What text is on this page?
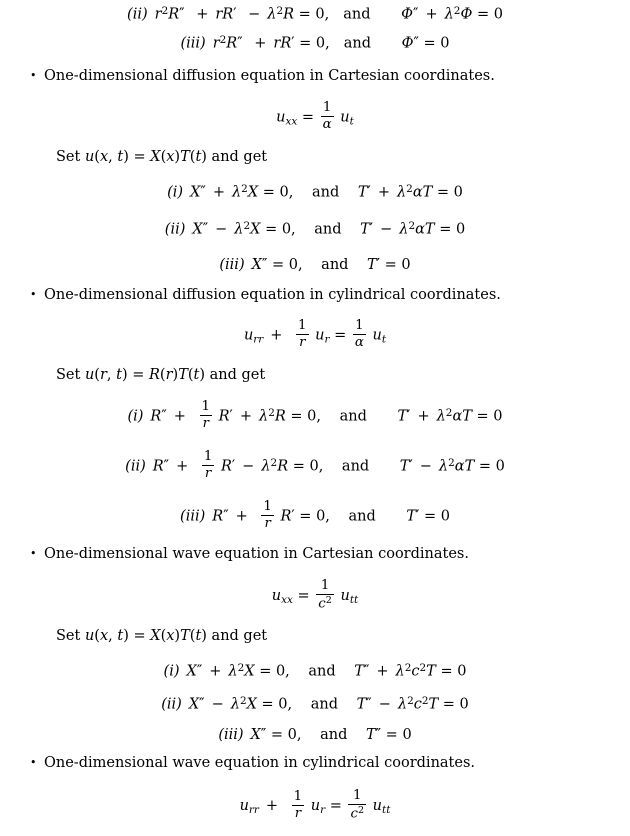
(ii) $r^2R'' + rR' - \lambda^2R = 0$, and $\Phi'' + \lambda^2\Phi = 0$
(iii) $r^2R'' + rR' = 0$, and Φ″ = 0
• One-dimensional diffusion equation in Cartesian coordinates.
$u_{xx} = \frac{1}{\alpha} u_t$
Set u(x, t) = X(x)T(t) and get
(i) $X'' + \lambda^2X = 0$, and $T' + \lambda^2\alpha T = 0$
(ii) $X'' - \lambda^2X = 0$, and $T' - \lambda^2\alpha T = 0$
(iii) X″ = 0, and T′ = 0
• One-dimensional diffusion equation in cylindrical coordinates.
$u_{rr} + \frac{1}{r} u_r = \frac{1}{\alpha} u_t$
Set u(r, t) = R(r)T(t) and get
(i) $R'' + \frac{1}{r} R' + \lambda^2R = 0$, and $T' + \lambda^2\alpha T = 0$
(ii) $R'' + \frac{1}{r} R' - \lambda^2R = 0$, and $T' - \lambda^2\alpha T = 0$
(iii) $R'' + \frac{1}{r} R' = 0$, and T′ = 0
• One-dimensional wave equation in Cartesian coordinates.
$u_{xx} = \frac{1}{c^2} u_{tt}$
Set u(x, t) = X(x)T(t) and get
(i) $X'' + \lambda^2X = 0$, and $T'' + \lambda^2c^2T = 0$
(ii) $X'' - \lambda^2X = 0$, and $T'' - \lambda^2c^2T = 0$
(iii) X″ = 0, and T″ = 0
• One-dimensional wave equation in cylindrical coordinates.
$u_{rr} + \frac{1}{r} u_r = \frac{1}{c^2} u_{tt}$
